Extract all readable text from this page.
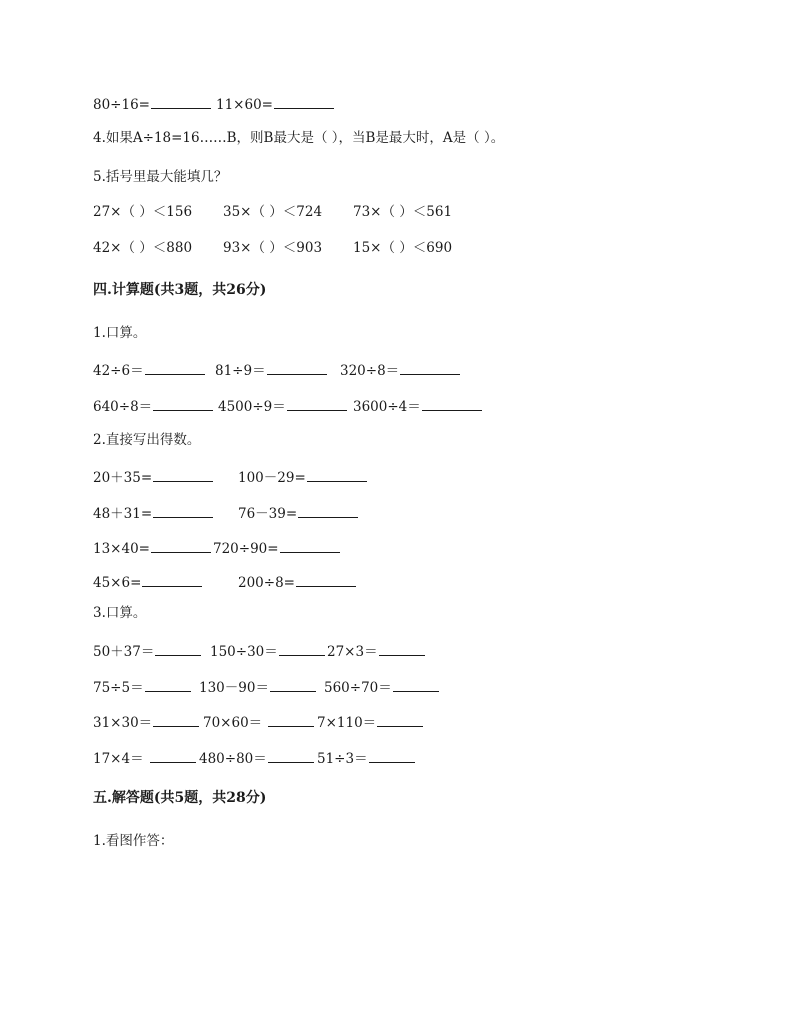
80÷16=	11×60=
4.如果A÷18=16……B，则B最大是（ ），当B是最大时，A是（ ）。
5.括号里最大能填几？
27×（ ）＜156 35×（ ）＜724 73×（ ）＜561
42×（ ）＜880 93×（ ）＜903 15×（ ）＜690
四.计算题(共3题，共26分)
1.口算。
42÷6＝	81÷9＝	320÷8＝
640÷8＝	4500÷9＝	3600÷4＝
2.直接写出得数。
20＋35=	100－29=
48＋31=	76－39=
13×40=	720÷90=
45×6=	200÷8=
3.口算。
50＋37＝	150÷30＝	27×3＝
75÷5＝	130－90＝	560÷70＝
31×30＝	70×60＝	7×110＝
17×4＝	480÷80＝	51÷3＝
五.解答题(共5题，共28分)
1.看图作答：
